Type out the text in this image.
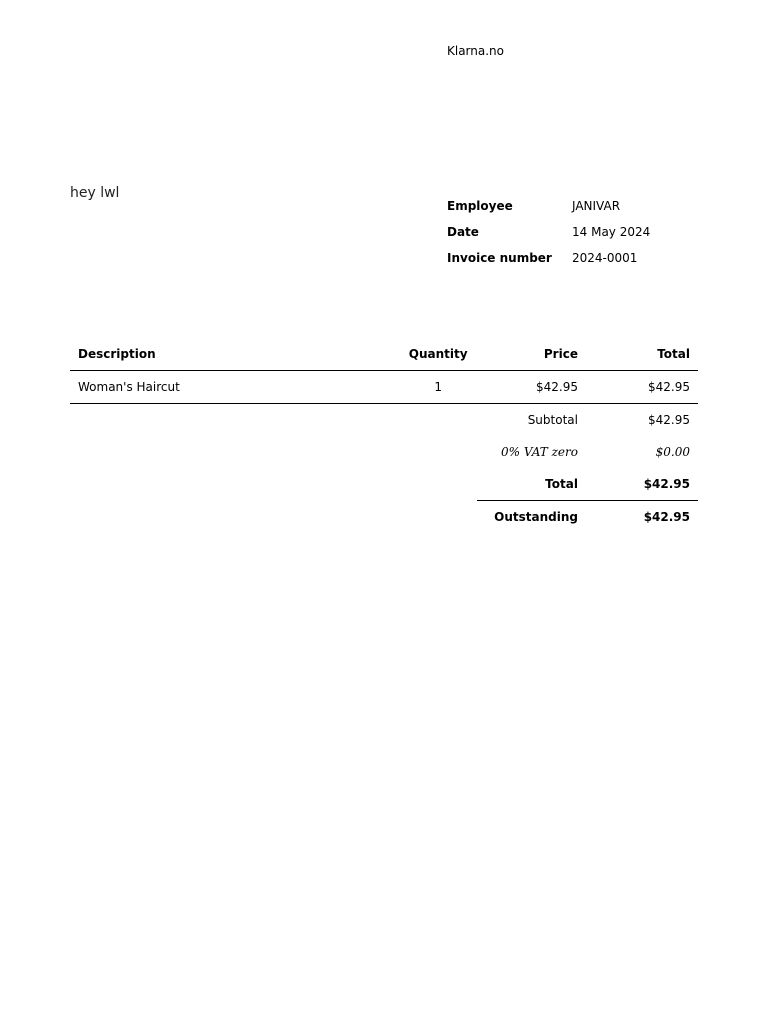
Klarna.no
hey lwl
Employee	JANIVAR
Date	14 May 2024
Invoice number	2024-0001
Description	Quantity	Price	Total
Woman's Haircut	1	$42.95	$42.95
		Subtotal	$42.95
		0% VAT zero	$0.00
		Total	$42.95
		Outstanding	$42.95
